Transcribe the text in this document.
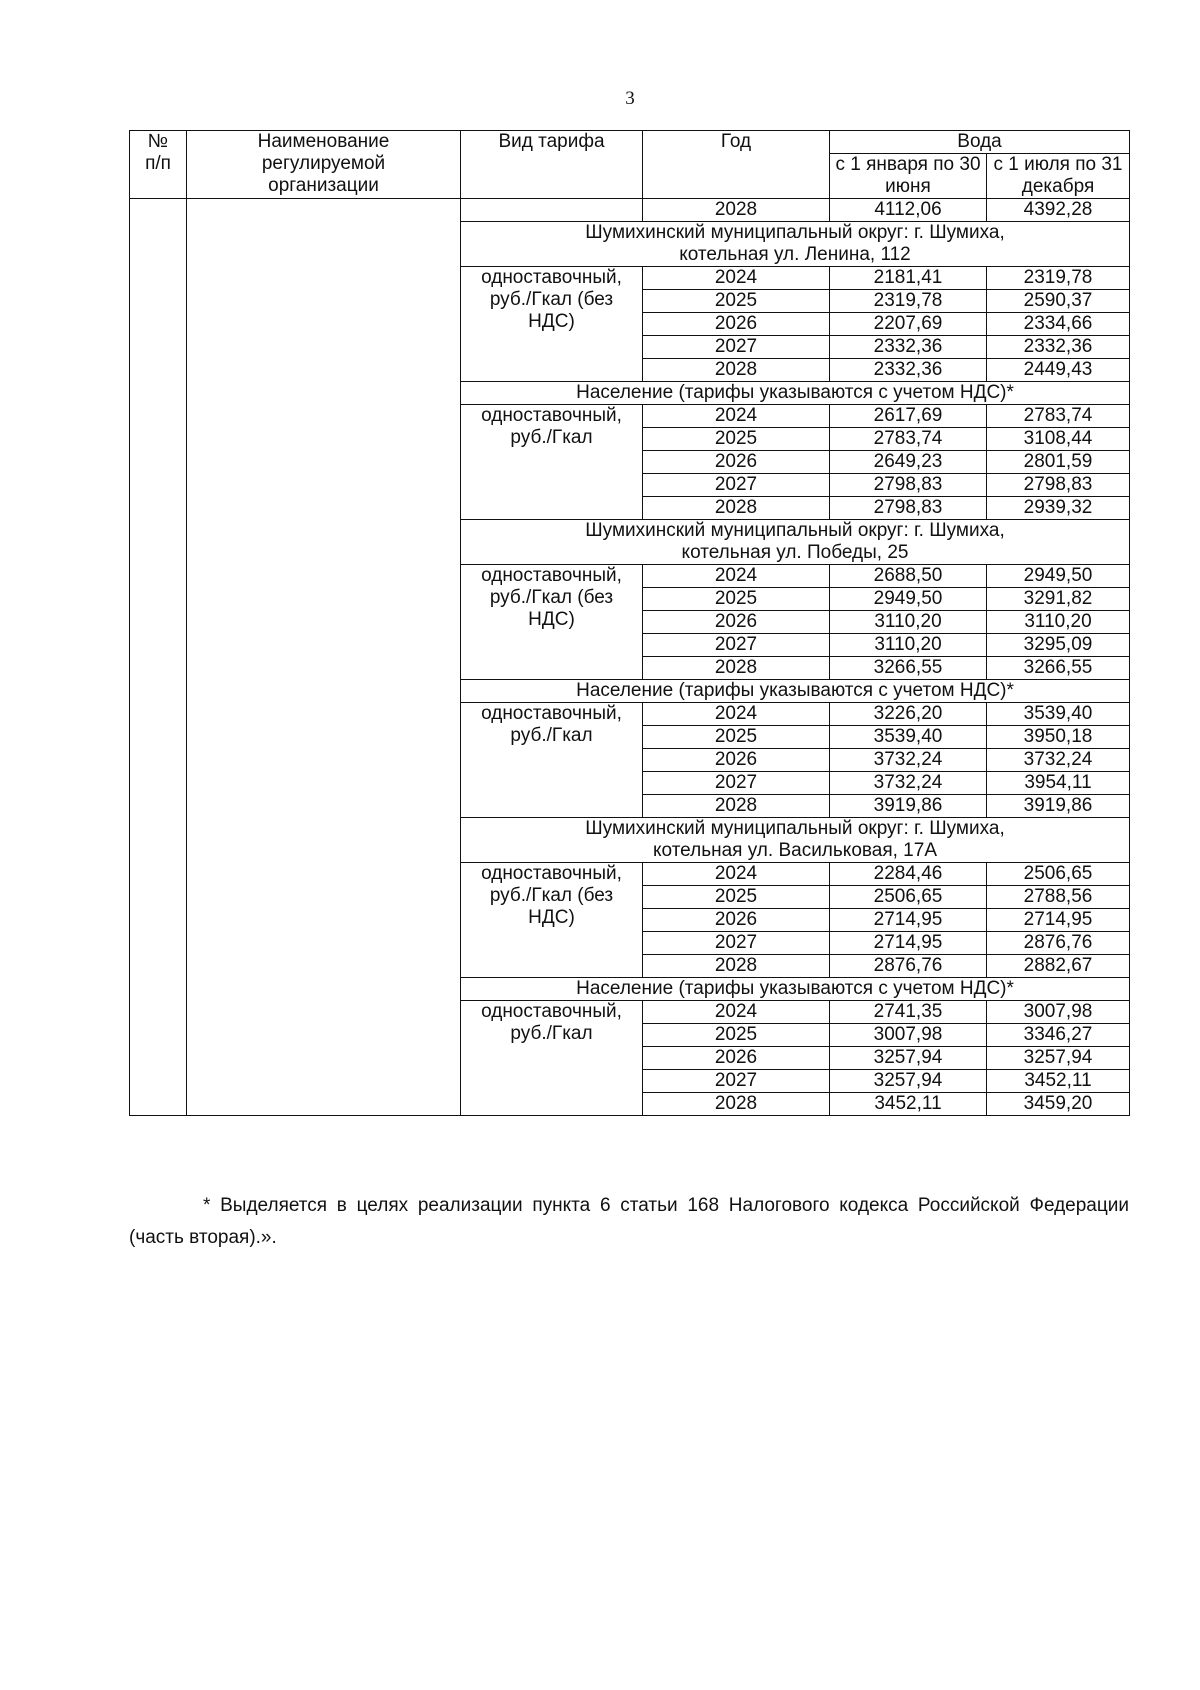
3
№ п/п	Наименование регулируемой организации	Вид тарифа	Год	Вода	
				с 1 января по 30 июня	с 1 июля по 31 декабря
			2028	4112,06	4392,28
		Шумихинский муниципальный округ: г. Шумиха, котельная ул. Ленина, 112			
		одноставочный, руб./Гкал (без НДС)	2024	2181,41	2319,78
			2025	2319,78	2590,37
			2026	2207,69	2334,66
			2027	2332,36	2332,36
			2028	2332,36	2449,43
		Население (тарифы указываются с учетом НДС)*			
		одноставочный, руб./Гкал	2024	2617,69	2783,74
			2025	2783,74	3108,44
			2026	2649,23	2801,59
			2027	2798,83	2798,83
			2028	2798,83	2939,32
		Шумихинский муниципальный округ: г. Шумиха, котельная ул. Победы, 25			
		одноставочный, руб./Гкал (без НДС)	2024	2688,50	2949,50
			2025	2949,50	3291,82
			2026	3110,20	3110,20
			2027	3110,20	3295,09
			2028	3266,55	3266,55
		Население (тарифы указываются с учетом НДС)*			
		одноставочный, руб./Гкал	2024	3226,20	3539,40
			2025	3539,40	3950,18
			2026	3732,24	3732,24
			2027	3732,24	3954,11
			2028	3919,86	3919,86
		Шумихинский муниципальный округ: г. Шумиха, котельная ул. Васильковая, 17А			
		одноставочный, руб./Гкал (без НДС)	2024	2284,46	2506,65
			2025	2506,65	2788,56
			2026	2714,95	2714,95
			2027	2714,95	2876,76
			2028	2876,76	2882,67
		Население (тарифы указываются с учетом НДС)*			
		одноставочный, руб./Гкал	2024	2741,35	3007,98
			2025	3007,98	3346,27
			2026	3257,94	3257,94
			2027	3257,94	3452,11
			2028	3452,11	3459,20
* Выделяется в целях реализации пункта 6 статьи 168 Налогового кодекса Российской Федерации (часть вторая).».
